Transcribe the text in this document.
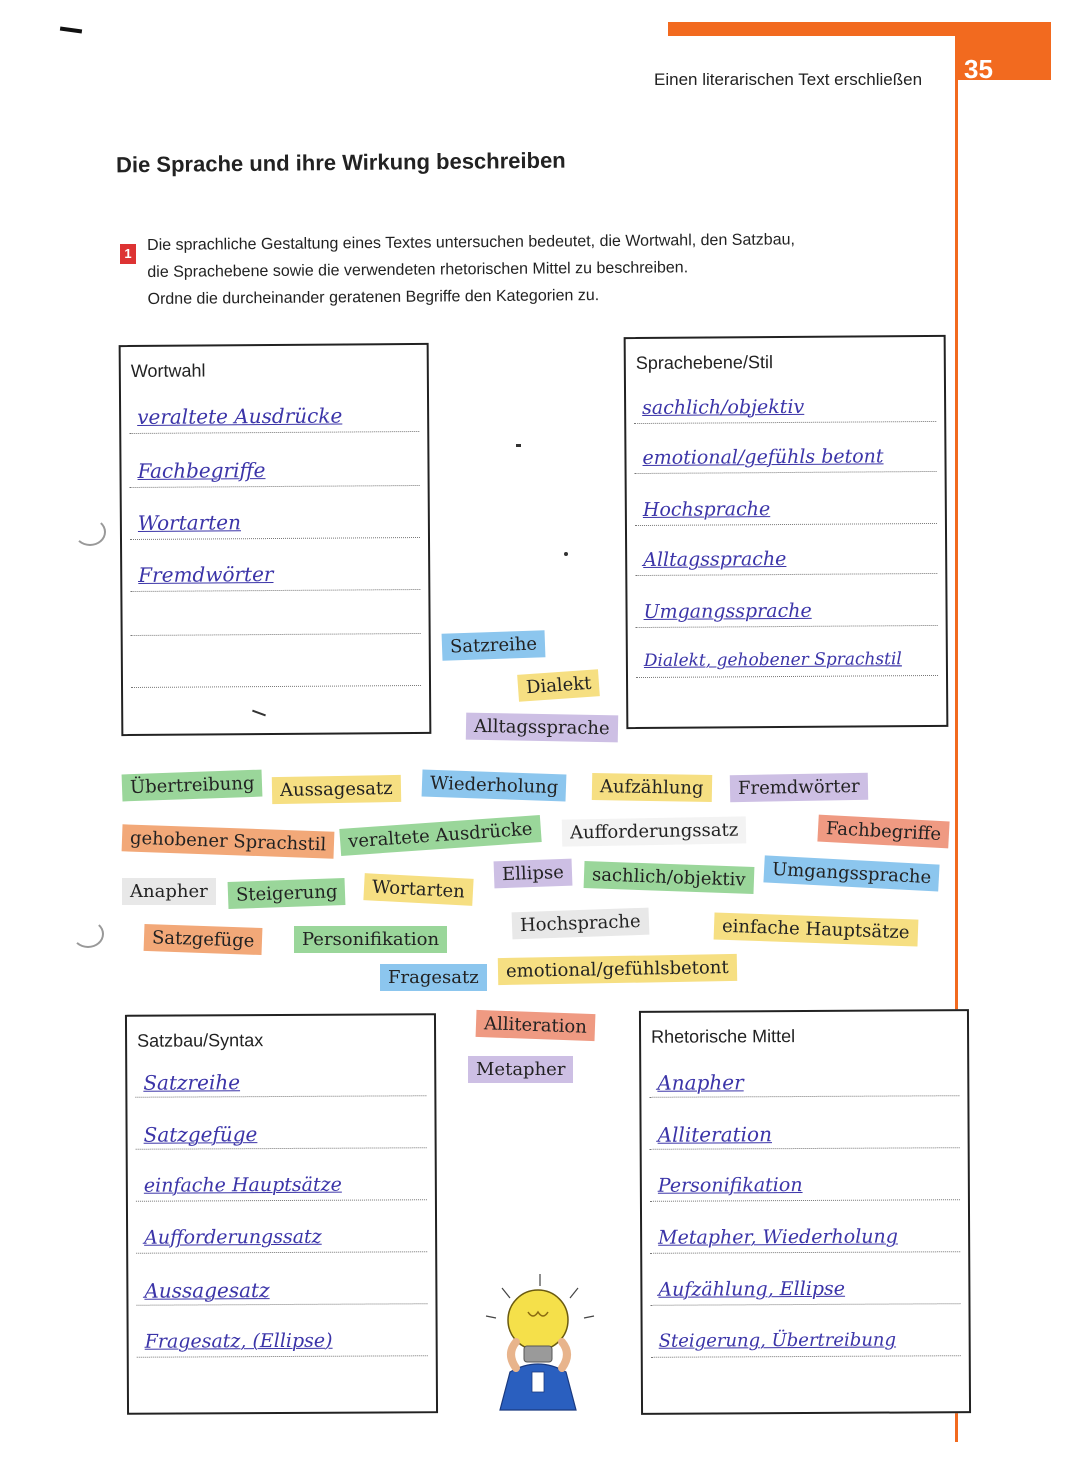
35
Einen literarischen Text erschließen
Die Sprache und ihre Wirkung beschreiben
1 Die sprachliche Gestaltung eines Textes untersuchen bedeutet, die Wortwahl, den Satzbau,
die Sprachebene sowie die verwendeten rhetorischen Mittel zu beschreiben.
Ordne die durcheinander geratenen Begriffe den Kategorien zu.
Wortwahl
veraltete Ausdrücke
Fachbegriffe
Wortarten
Fremdwörter
Sprachebene/Stil
sachlich/objektiv
emotional/gefühls betont
Hochsprache
Alltagssprache
Umgangssprache
Dialekt, gehobener Sprachstil
Satzbau/Syntax
Satzreihe
Satzgefüge
einfache Hauptsätze
Aufforderungssatz
Aussagesatz
Fragesatz, (Ellipse)
Rhetorische Mittel
Anapher
Alliteration
Personifikation
Metapher, Wiederholung
Aufzählung, Ellipse
Steigerung, Übertreibung
Satzreihe
Dialekt
Alltagssprache
Übertreibung	Aussagesatz	Wiederholung	Aufzählung	Fremdwörter
gehobener Sprachstil	veraltete Ausdrücke	Aufforderungssatz	Fachbegriffe
Ellipse	sachlich/objektiv	Umgangssprache
Anapher	Steigerung	Wortarten
Hochsprache	einfache Hauptsätze
Satzgefüge	Personifikation
Fragesatz	emotional/gefühlsbetont
Alliteration
Metapher
